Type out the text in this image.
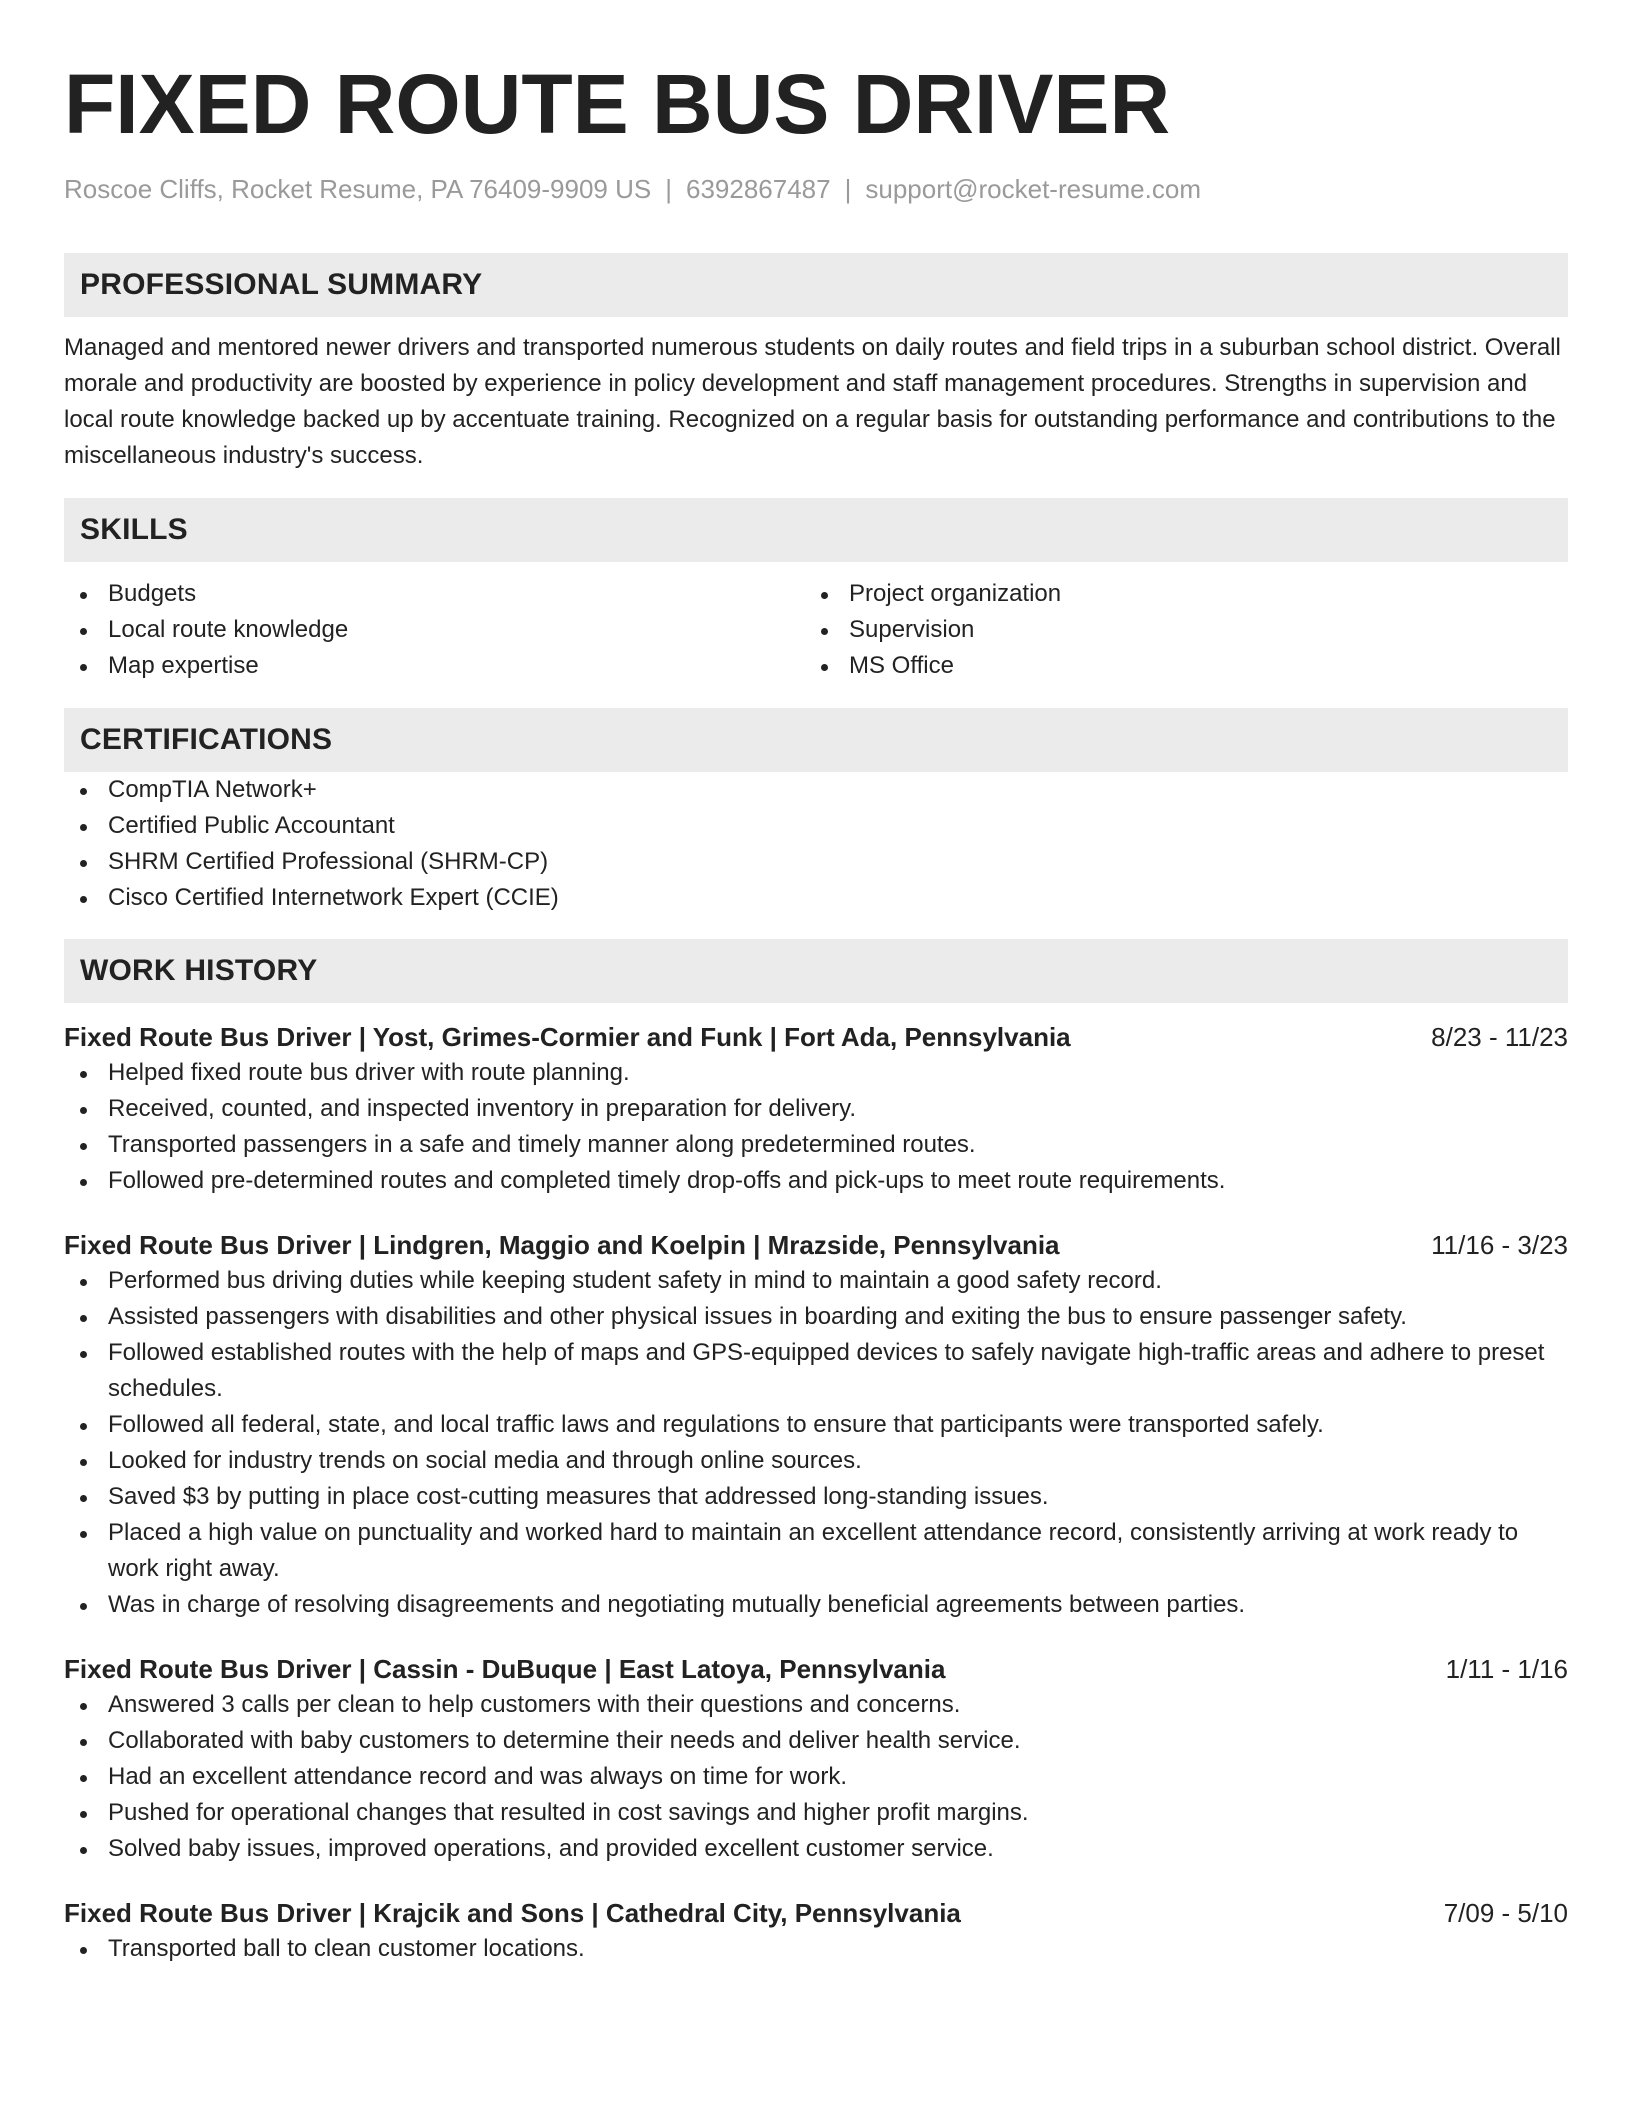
FIXED ROUTE BUS DRIVER
Roscoe Cliffs, Rocket Resume, PA 76409-9909 US | 6392867487 | support@rocket-resume.com
PROFESSIONAL SUMMARY
Managed and mentored newer drivers and transported numerous students on daily routes and field trips in a suburban school district. Overall morale and productivity are boosted by experience in policy development and staff management procedures. Strengths in supervision and local route knowledge backed up by accentuate training. Recognized on a regular basis for outstanding performance and contributions to the miscellaneous industry's success.
SKILLS
Budgets
Local route knowledge
Map expertise
Project organization
Supervision
MS Office
CERTIFICATIONS
CompTIA Network+
Certified Public Accountant
SHRM Certified Professional (SHRM-CP)
Cisco Certified Internetwork Expert (CCIE)
WORK HISTORY
Fixed Route Bus Driver | Yost, Grimes-Cormier and Funk | Fort Ada, Pennsylvania	8/23 - 11/23
Helped fixed route bus driver with route planning.
Received, counted, and inspected inventory in preparation for delivery.
Transported passengers in a safe and timely manner along predetermined routes.
Followed pre-determined routes and completed timely drop-offs and pick-ups to meet route requirements.
Fixed Route Bus Driver | Lindgren, Maggio and Koelpin | Mrazside, Pennsylvania	11/16 - 3/23
Performed bus driving duties while keeping student safety in mind to maintain a good safety record.
Assisted passengers with disabilities and other physical issues in boarding and exiting the bus to ensure passenger safety.
Followed established routes with the help of maps and GPS-equipped devices to safely navigate high-traffic areas and adhere to preset schedules.
Followed all federal, state, and local traffic laws and regulations to ensure that participants were transported safely.
Looked for industry trends on social media and through online sources.
Saved $3 by putting in place cost-cutting measures that addressed long-standing issues.
Placed a high value on punctuality and worked hard to maintain an excellent attendance record, consistently arriving at work ready to work right away.
Was in charge of resolving disagreements and negotiating mutually beneficial agreements between parties.
Fixed Route Bus Driver | Cassin - DuBuque | East Latoya, Pennsylvania	1/11 - 1/16
Answered 3 calls per clean to help customers with their questions and concerns.
Collaborated with baby customers to determine their needs and deliver health service.
Had an excellent attendance record and was always on time for work.
Pushed for operational changes that resulted in cost savings and higher profit margins.
Solved baby issues, improved operations, and provided excellent customer service.
Fixed Route Bus Driver | Krajcik and Sons | Cathedral City, Pennsylvania	7/09 - 5/10
Transported ball to clean customer locations.
